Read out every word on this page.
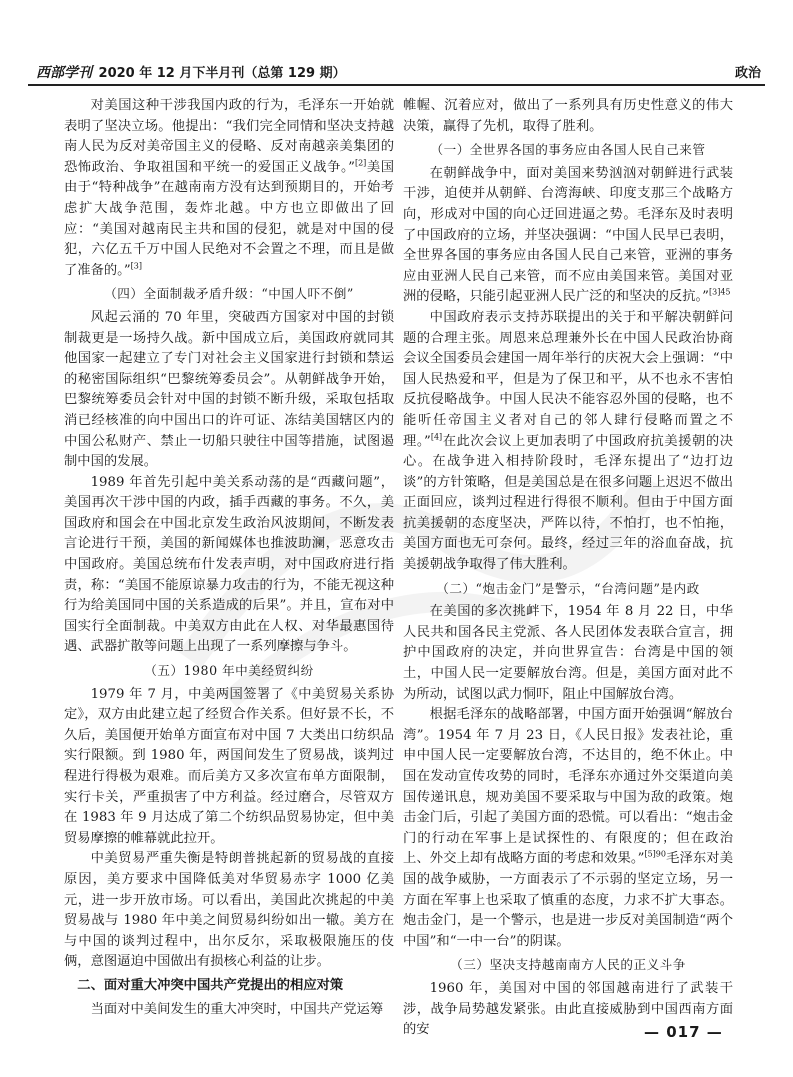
西部学刊 2020 年 12 月下半月刊（总第 129 期）	政治

对美国这种干涉我国内政的行为，毛泽东一开始就表明了坚决立场。他提出：“我们完全同情和坚决支持越南人民为反对美帝国主义的侵略、反对南越亲美集团的恐怖政治、争取祖国和平统一的爱国正义战争。”[2]美国由于“特种战争”在越南南方没有达到预期目的，开始考虑扩大战争范围，轰炸北越。中方也立即做出了回应：“美国对越南民主共和国的侵犯，就是对中国的侵犯，六亿五千万中国人民绝对不会置之不理，而且是做了准备的。”[3]

（四）全面制裁矛盾升级：“中国人吓不倒”

风起云涌的 70 年里，突破西方国家对中国的封锁制裁更是一场持久战。新中国成立后，美国政府就同其他国家一起建立了专门对社会主义国家进行封锁和禁运的秘密国际组织“巴黎统筹委员会”。从朝鲜战争开始，巴黎统筹委员会针对中国的封锁不断升级，采取包括取消已经核准的向中国出口的许可证、冻结美国辖区内的中国公私财产、禁止一切船只驶往中国等措施，试图遏制中国的发展。

1989 年首先引起中美关系动荡的是“西藏问题”，美国再次干涉中国的内政，插手西藏的事务。不久，美国政府和国会在中国北京发生政治风波期间，不断发表言论进行干预，美国的新闻媒体也推波助澜，恶意攻击中国政府。美国总统布什发表声明，对中国政府进行指责，称：“美国不能原谅暴力攻击的行为，不能无视这种行为给美国同中国的关系造成的后果”。并且，宣布对中国实行全面制裁。中美双方由此在人权、对华最惠国待遇、武器扩散等问题上出现了一系列摩擦与争斗。

（五）1980 年中美经贸纠纷

1979 年 7 月，中美两国签署了《中美贸易关系协定》，双方由此建立起了经贸合作关系。但好景不长，不久后，美国便开始单方面宣布对中国 7 大类出口纺织品实行限额。到 1980 年，两国间发生了贸易战，谈判过程进行得极为艰难。而后美方又多次宣布单方面限制，实行卡关，严重损害了中方利益。经过磨合，尽管双方在 1983 年 9 月达成了第二个纺织品贸易协定，但中美贸易摩擦的帷幕就此拉开。

中美贸易严重失衡是特朗普挑起新的贸易战的直接原因，美方要求中国降低美对华贸易赤字 1000 亿美元，进一步开放市场。可以看出，美国此次挑起的中美贸易战与 1980 年中美之间贸易纠纷如出一辙。美方在与中国的谈判过程中，出尔反尔，采取极限施压的伎俩，意图逼迫中国做出有损核心利益的让步。

二、面对重大冲突中国共产党提出的相应对策

当面对中美间发生的重大冲突时，中国共产党运筹

帷幄、沉着应对，做出了一系列具有历史性意义的伟大决策，赢得了先机，取得了胜利。

（一）全世界各国的事务应由各国人民自己来管

在朝鲜战争中，面对美国来势汹汹对朝鲜进行武装干涉，迫使并从朝鲜、台湾海峡、印度支那三个战略方向，形成对中国的向心迂回进逼之势。毛泽东及时表明了中国政府的立场，并坚决强调：“中国人民早已表明，全世界各国的事务应由各国人民自己来管，亚洲的事务应由亚洲人民自己来管，而不应由美国来管。美国对亚洲的侵略，只能引起亚洲人民广泛的和坚决的反抗。”$^{[3]45}$

中国政府表示支持苏联提出的关于和平解决朝鲜问题的合理主张。周恩来总理兼外长在中国人民政治协商会议全国委员会建国一周年举行的庆祝大会上强调：“中国人民热爱和平，但是为了保卫和平，从不也永不害怕反抗侵略战争。中国人民决不能容忍外国的侵略，也不能听任帝国主义者对自己的邻人肆行侵略而置之不理。”[4]在此次会议上更加表明了中国政府抗美援朝的决心。在战争进入相持阶段时，毛泽东提出了“边打边谈”的方针策略，但是美国总是在很多问题上迟迟不做出正面回应，谈判过程进行得很不顺利。但由于中国方面抗美援朝的态度坚决，严阵以待，不怕打，也不怕拖，美国方面也无可奈何。最终，经过三年的浴血奋战，抗美援朝战争取得了伟大胜利。

（二）“炮击金门”是警示，“台湾问题”是内政

在美国的多次挑衅下，1954 年 8 月 22 日，中华人民共和国各民主党派、各人民团体发表联合宣言，拥护中国政府的决定，并向世界宣告：台湾是中国的领土，中国人民一定要解放台湾。但是，美国方面对此不为所动，试图以武力恫吓，阻止中国解放台湾。

根据毛泽东的战略部署，中国方面开始强调“解放台湾”。1954 年 7 月 23 日，《人民日报》发表社论，重申中国人民一定要解放台湾，不达目的，绝不休止。中国在发动宣传攻势的同时，毛泽东亦通过外交渠道向美国传递讯息，规劝美国不要采取与中国为敌的政策。炮击金门后，引起了美国方面的恐慌。可以看出：“炮击金门的行动在军事上是试探性的、有限度的；但在政治上、外交上却有战略方面的考虑和效果。”$^{[5]90}$毛泽东对美国的战争威胁，一方面表示了不示弱的坚定立场，另一方面在军事上也采取了慎重的态度，力求不扩大事态。炮击金门，是一个警示，也是进一步反对美国制造“两个中国”和“一中一台”的阴谋。

（三）坚决支持越南南方人民的正义斗争

1960 年，美国对中国的邻国越南进行了武装干涉，战争局势越发紧张。由此直接威胁到中国西南方面的安	— 017 —
